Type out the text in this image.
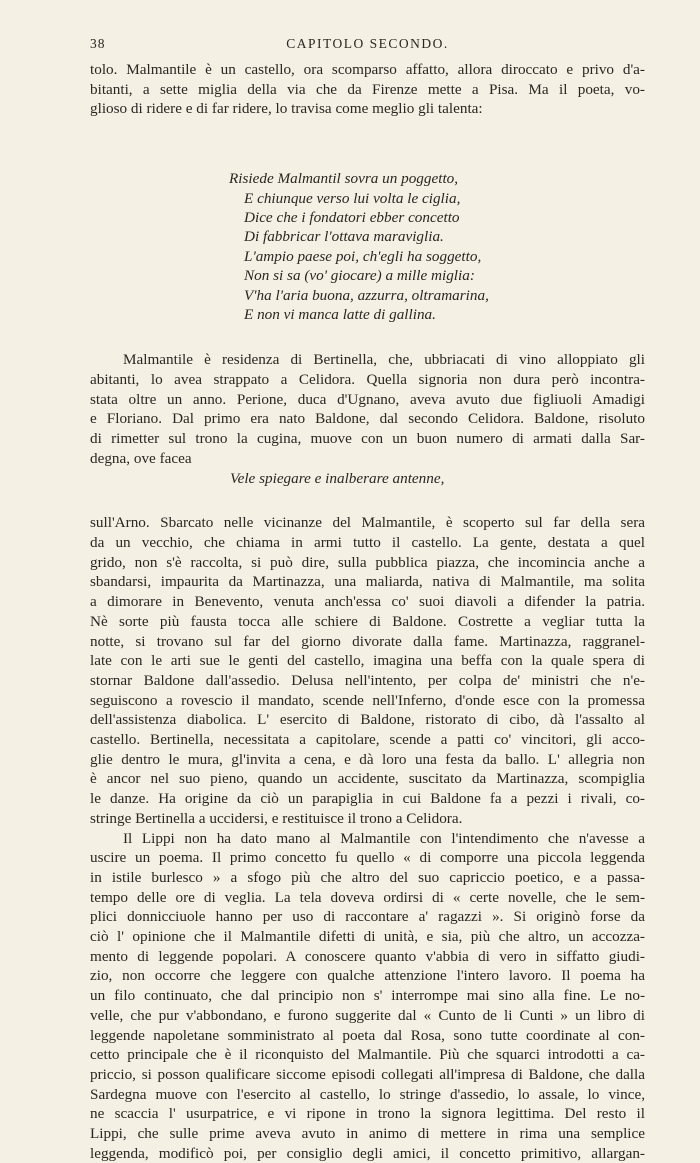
38	CAPITOLO SECONDO.
tolo. Malmantile è un castello, ora scomparso affatto, allora diroccato e privo d'a-
bitanti, a sette miglia della via che da Firenze mette a Pisa. Ma il poeta, vo-
glioso di ridere e di far ridere, lo travisa come meglio gli talenta:
Risiede Malmantil sovra un poggetto,
E chiunque verso lui volta le ciglia,
Dice che i fondatori ebber concetto
Di fabbricar l'ottava maraviglia.
L'ampio paese poi, ch'egli ha soggetto,
Non si sa (vo' giocare) a mille miglia:
V'ha l'aria buona, azzurra, oltramarina,
E non vi manca latte di gallina.
Malmantile è residenza di Bertinella, che, ubbriacati di vino alloppiato gli
abitanti, lo avea strappato a Celidora. Quella signoria non dura però incontra-
stata oltre un anno. Perione, duca d'Ugnano, aveva avuto due figliuoli Amadigi
e Floriano. Dal primo era nato Baldone, dal secondo Celidora. Baldone, risoluto
di rimetter sul trono la cugina, muove con un buon numero di armati dalla Sar-
degna, ove facea
Vele spiegare e inalberare antenne,
sull'Arno. Sbarcato nelle vicinanze del Malmantile, è scoperto sul far della sera
da un vecchio, che chiama in armi tutto il castello. La gente, destata a quel
grido, non s'è raccolta, si può dire, sulla pubblica piazza, che incomincia anche a
sbandarsi, impaurita da Martinazza, una maliarda, nativa di Malmantile, ma solita
a dimorare in Benevento, venuta anch'essa co' suoi diavoli a difender la patria.
Nè sorte più fausta tocca alle schiere di Baldone. Costrette a vegliar tutta la
notte, si trovano sul far del giorno divorate dalla fame. Martinazza, raggranel-
late con le arti sue le genti del castello, imagina una beffa con la quale spera di
stornar Baldone dall'assedio. Delusa nell'intento, per colpa de' ministri che n'e-
seguiscono a rovescio il mandato, scende nell'Inferno, d'onde esce con la promessa
dell'assistenza diabolica. L' esercito di Baldone, ristorato di cibo, dà l'assalto al
castello. Bertinella, necessitata a capitolare, scende a patti co' vincitori, gli acco-
glie dentro le mura, gl'invita a cena, e dà loro una festa da ballo. L' allegria non
è ancor nel suo pieno, quando un accidente, suscitato da Martinazza, scompiglia
le danze. Ha origine da ciò un parapiglia in cui Baldone fa a pezzi i rivali, co-
stringe Bertinella a uccidersi, e restituisce il trono a Celidora.
Il Lippi non ha dato mano al Malmantile con l'intendimento che n'avesse a
uscire un poema. Il primo concetto fu quello « di comporre una piccola leggenda
in istile burlesco » a sfogo più che altro del suo capriccio poetico, e a passa-
tempo delle ore di veglia. La tela doveva ordirsi di « certe novelle, che le sem-
plici donnicciuole hanno per uso di raccontare a' ragazzi ». Si originò forse da
ciò l' opinione che il Malmantile difetti di unità, e sia, più che altro, un accozza-
mento di leggende popolari. A conoscere quanto v'abbia di vero in siffatto giudi-
zio, non occorre che leggere con qualche attenzione l'intero lavoro. Il poema ha
un filo continuato, che dal principio non s' interrompe mai sino alla fine. Le no-
velle, che pur v'abbondano, e furono suggerite dal « Cunto de li Cunti » un libro di
leggende napoletane somministrato al poeta dal Rosa, sono tutte coordinate al con-
cetto principale che è il riconquisto del Malmantile. Più che squarci introdotti a ca-
priccio, si posson qualificare siccome episodi collegati all'impresa di Baldone, che dalla
Sardegna muove con l'esercito al castello, lo stringe d'assedio, lo assale, lo vince,
ne scaccia l' usurpatrice, e vi ripone in trono la signora legittima. Del resto il
Lippi, che sulle prime aveva avuto in animo di mettere in rima una semplice
leggenda, modificò poi, per consiglio degli amici, il concetto primitivo, allargan-
